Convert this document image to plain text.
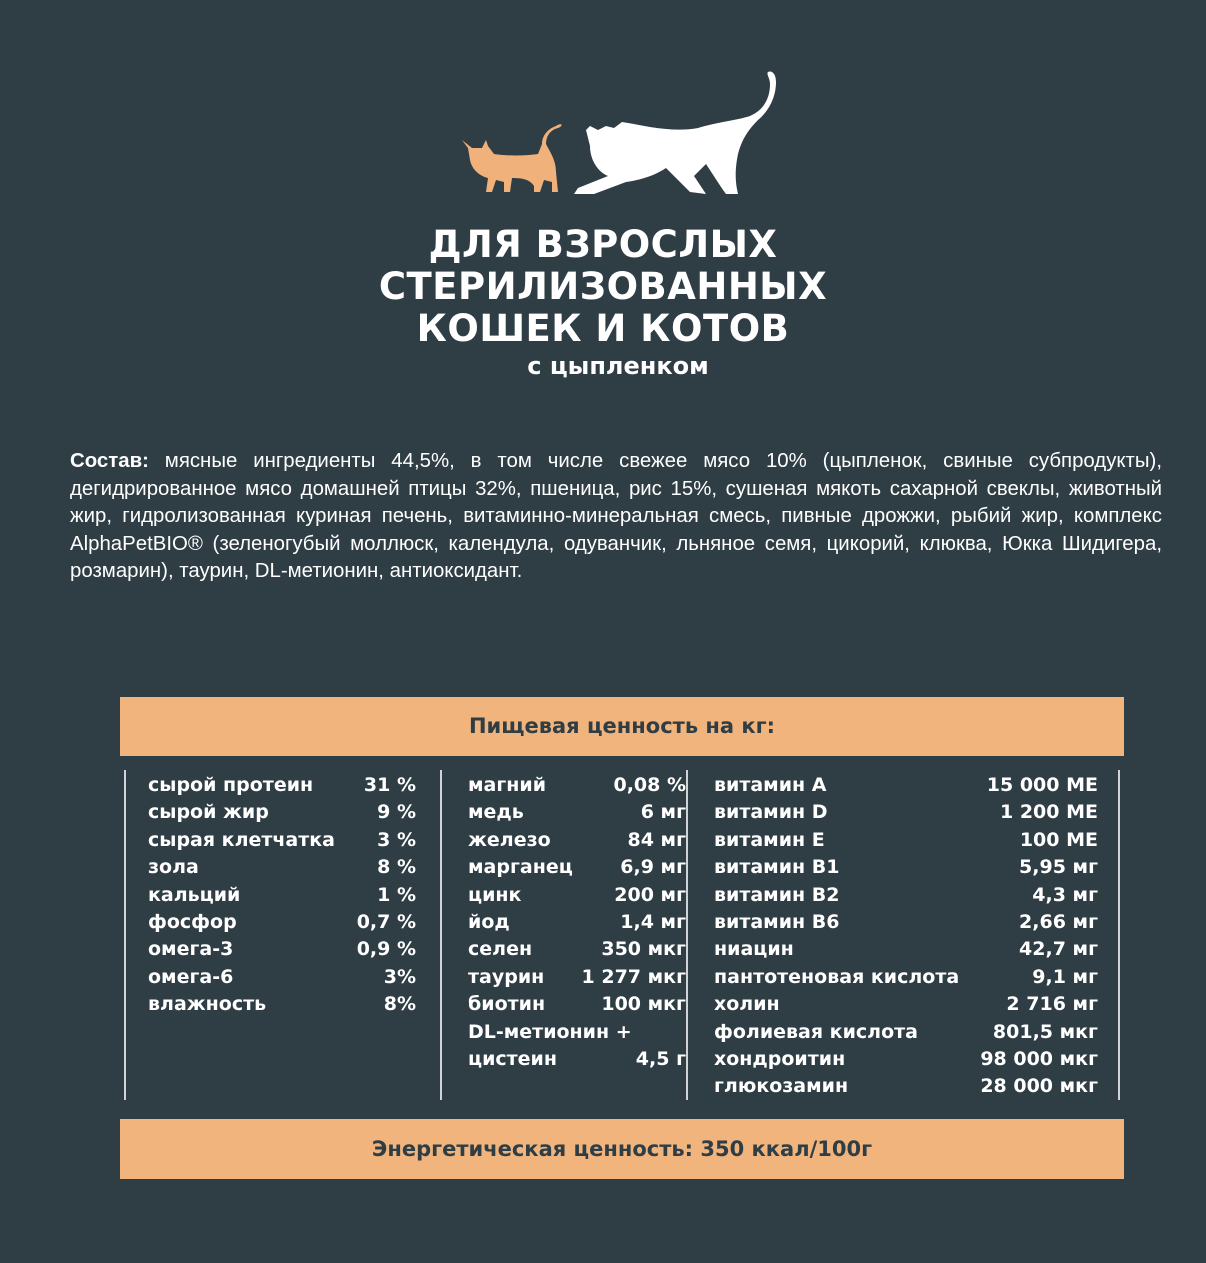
ДЛЯ ВЗРОСЛЫХ
СТЕРИЛИЗОВАННЫХ
КОШЕК И КОТОВ
с цыпленком
Состав: мясные ингредиенты 44,5%, в том числе свежее мясо 10% (цыпленок, свиные субпродукты), дегидрированное мясо домашней птицы 32%, пшеница, рис 15%, сушеная мякоть сахарной свеклы, животный жир, гидролизованная куриная печень, витаминно-минеральная смесь, пивные дрожжи, рыбий жир, комплекс AlphaPetBIO® (зеленогубый моллюск, календула, одуванчик, льняное семя, цикорий, клюква, Юкка Шидигера, розмарин), таурин, DL-метионин, антиоксидант.
Пищевая ценность на кг:
сырой протеин	31 %
сырой жир	9 %
сырая клетчатка 3 %
зола	8 %
кальций	1 %
фосфор	0,7 %
омега-3	0,9 %
омега-6	3%
влажность	8%
магний	0,08 %
медь	6 мг
железо	84 мг
марганец 6,9 мг
цинк	200 мг
йод	1,4 мг
селен	350 мкг
таурин 1 277 мкг
биотин	100 мкг
DL-метионин +
цистеин	4,5 г
витамин А	15 000 МЕ
витамин D	1 200 МЕ
витамин Е	100 МЕ
витамин В1	5,95 мг
витамин В2	4,3 мг
витамин В6	2,66 мг
ниацин	42,7 мг
пантотеновая кислота	9,1 мг
холин	2 716 мг
фолиевая кислота	801,5 мкг
хондроитин	98 000 мкг
глюкозамин	28 000 мкг
Энергетическая ценность: 350 ккал/100г
